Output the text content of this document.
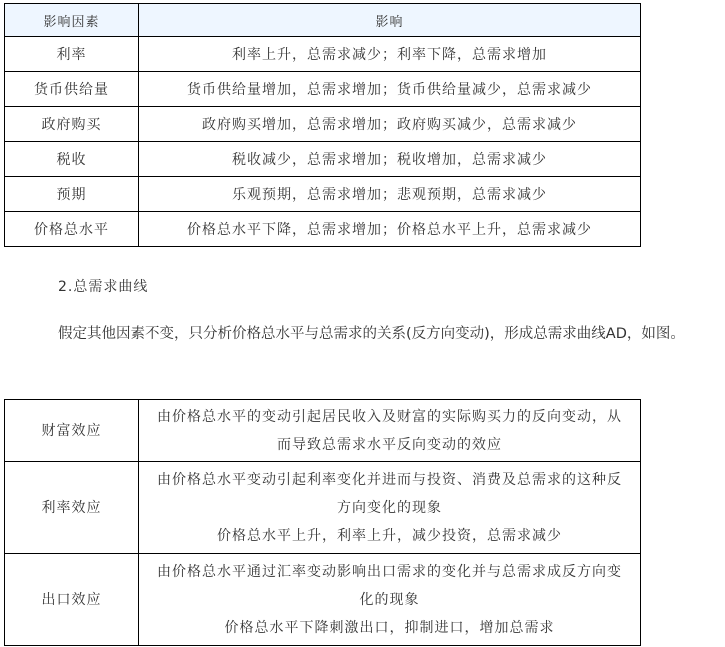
影响因素	影响
利率	利率上升，总需求减少；利率下降，总需求增加
货币供给量	货币供给量增加，总需求增加；货币供给量减少，总需求减少
政府购买	政府购买增加，总需求增加；政府购买减少，总需求减少
税收	税收减少，总需求增加；税收增加，总需求减少
预期	乐观预期，总需求增加；悲观预期，总需求减少
价格总水平	价格总水平下降，总需求增加；价格总水平上升，总需求减少
2.总需求曲线
假定其他因素不变，只分析价格总水平与总需求的关系(反方向变动)，形成总需求曲线AD，如图。
财富效应	由价格总水平的变动引起居民收入及财富的实际购买力的反向变动，从
而导致总需求水平反向变动的效应

利率效应	由价格总水平变动引起利率变化并进而与投资、消费及总需求的这种反
方向变化的现象
价格总水平上升，利率上升，减少投资，总需求减少

出口效应	由价格总水平通过汇率变动影响出口需求的变化并与总需求成反方向变
化的现象
价格总水平下降刺激出口，抑制进口，增加总需求
